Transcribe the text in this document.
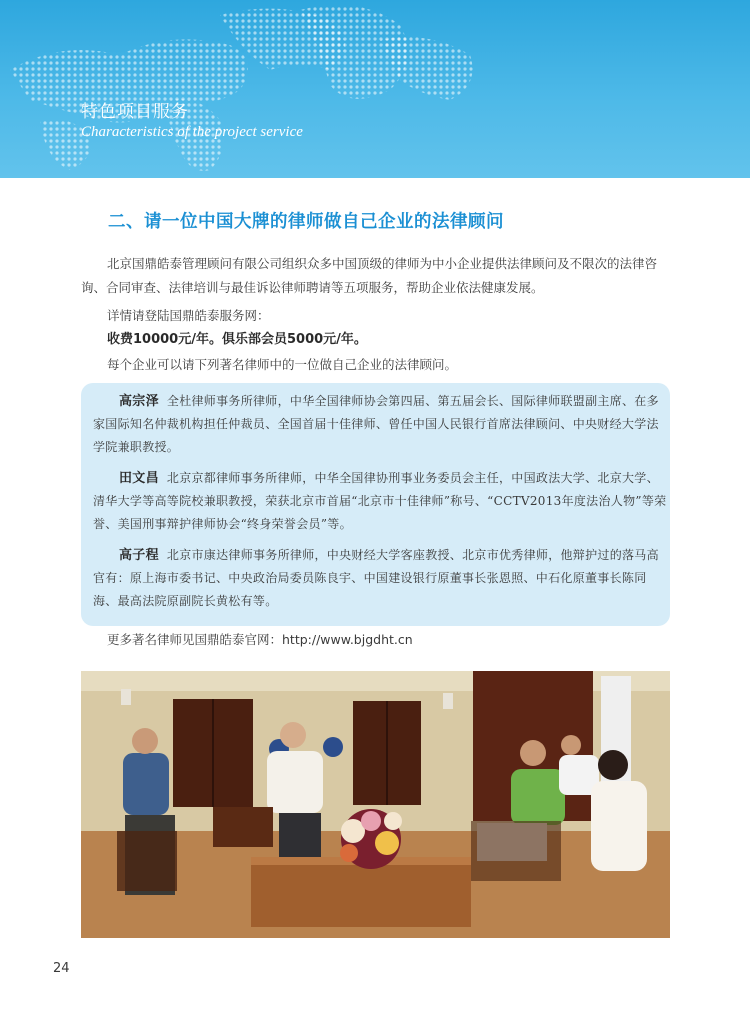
特色项目服务
Characteristics of the project service
二、请一位中国大牌的律师做自己企业的法律顾问
北京国鼎皓泰管理顾问有限公司组织众多中国顶级的律师为中小企业提供法律顾问及不限次的法律咨询、合同审查、法律培训与最佳诉讼律师聘请等五项服务，帮助企业依法健康发展。
详情请登陆国鼎皓泰服务网：
收费10000元/年。俱乐部会员5000元/年。
每个企业可以请下列著名律师中的一位做自己企业的法律顾问。
高宗泽 全杜律师事务所律师，中华全国律师协会第四届、第五届会长、国际律师联盟副主席、在多家国际知名仲裁机构担任仲裁员、全国首届十佳律师、曾任中国人民银行首席法律顾问、中央财经大学法学院兼职教授。
田文昌 北京京都律师事务所律师，中华全国律协刑事业务委员会主任，中国政法大学、北京大学、清华大学等高等院校兼职教授，荣获北京市首届“北京市十佳律师”称号、“CCTV2013年度法治人物”等荣誉、美国刑事辩护律师协会“终身荣誉会员”等。
高子程 北京市康达律师事务所律师，中央财经大学客座教授、北京市优秀律师，他辩护过的落马高官有：原上海市委书记、中央政治局委员陈良宇、中国建设银行原董事长张恩照、中石化原董事长陈同海、最高法院原副院长黄松有等。
更多著名律师见国鼎皓泰官网：http://www.bjgdht.cn
24
